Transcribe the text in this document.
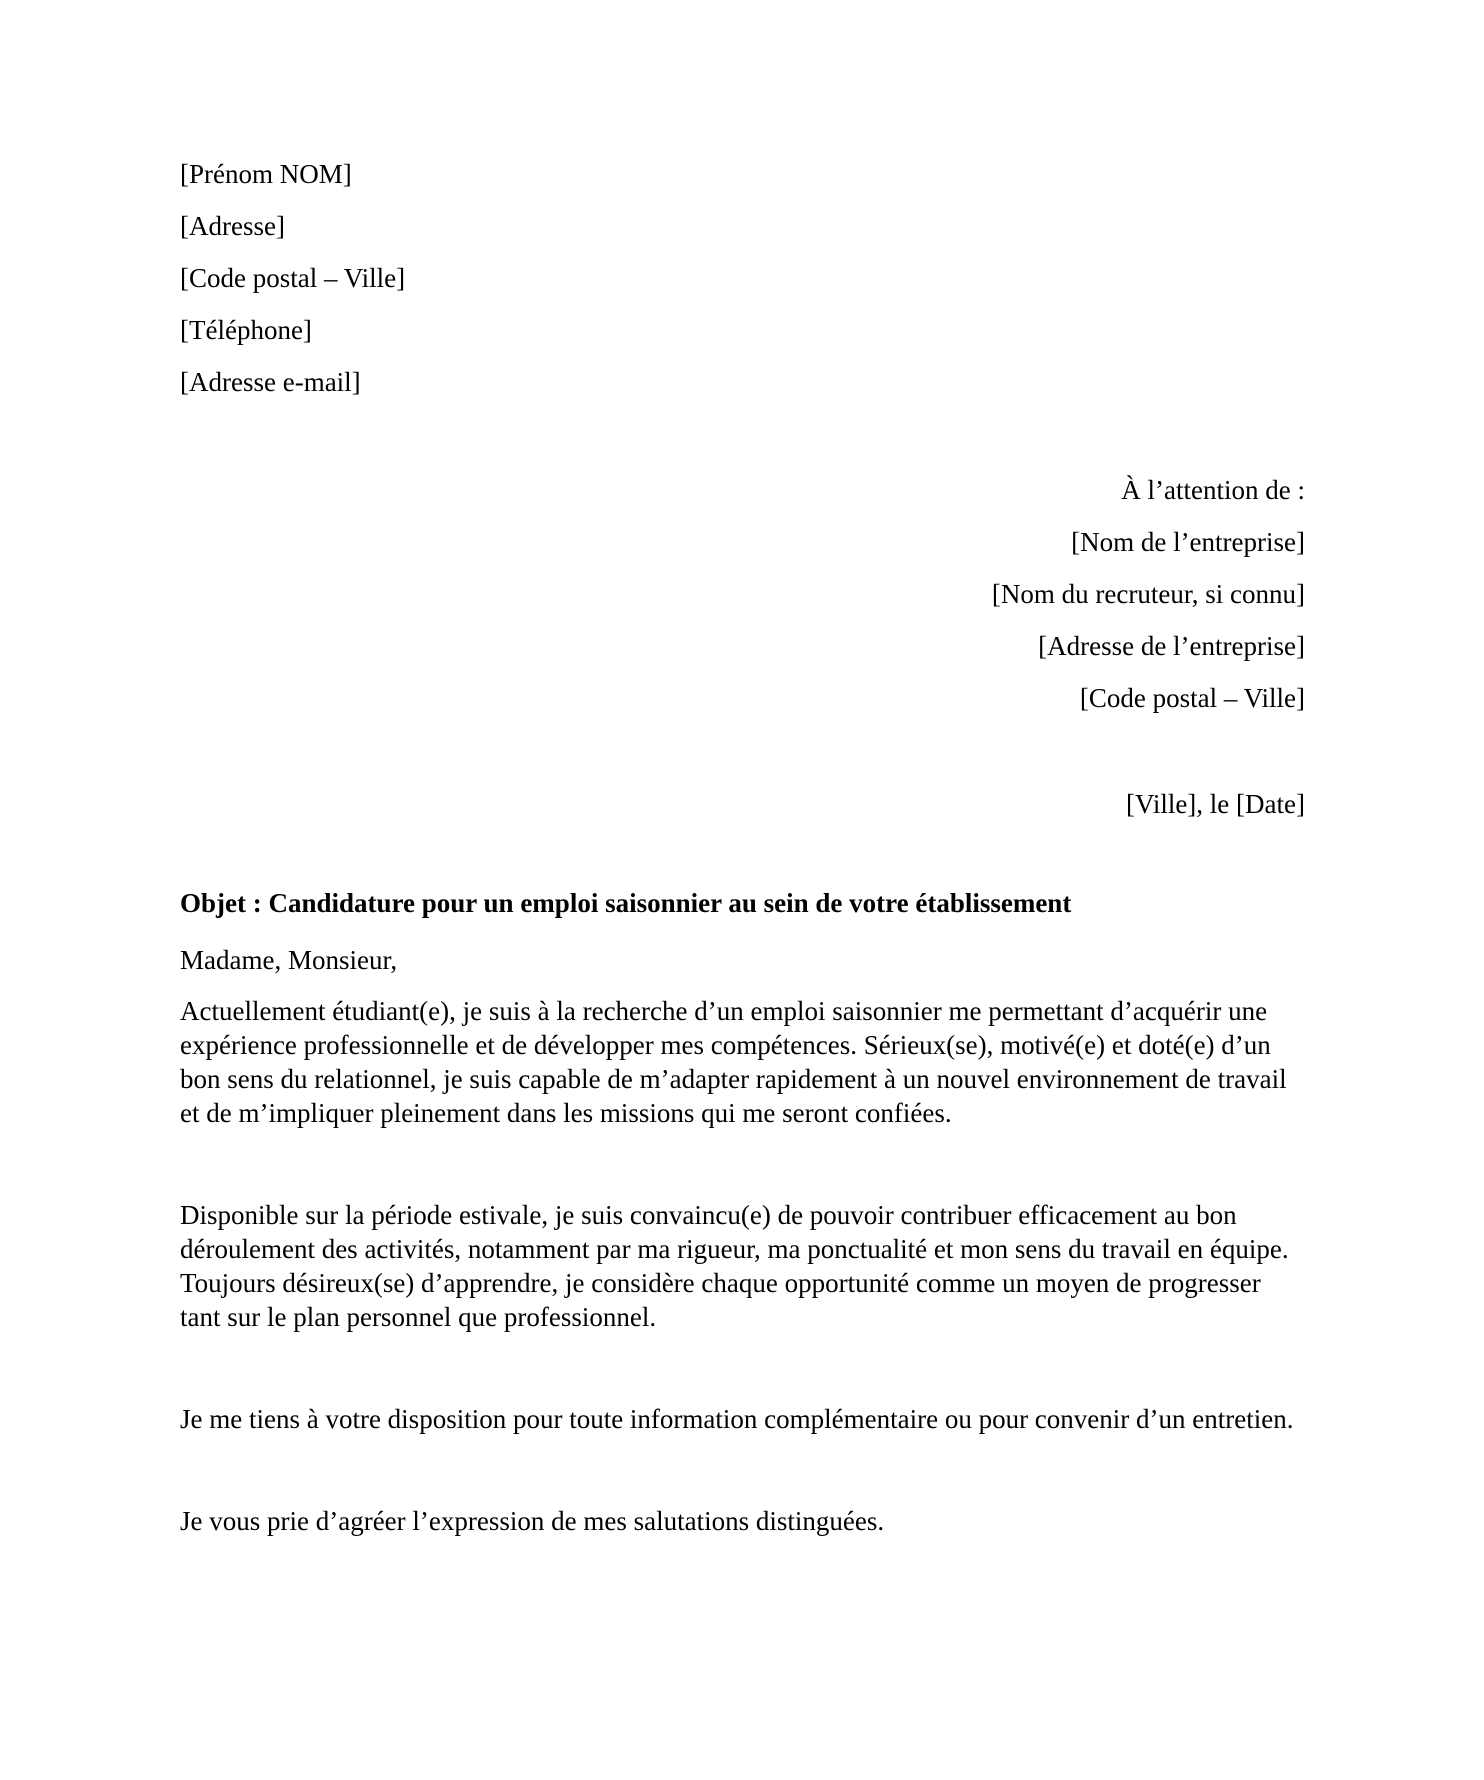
[Prénom NOM]
[Adresse]
[Code postal – Ville]
[Téléphone]
[Adresse e-mail]
À l’attention de :
[Nom de l’entreprise]
[Nom du recruteur, si connu]
[Adresse de l’entreprise]
[Code postal – Ville]
[Ville], le [Date]

Objet : Candidature pour un emploi saisonnier au sein de votre établissement

Madame, Monsieur,

Actuellement étudiant(e), je suis à la recherche d’un emploi saisonnier me permettant d’acquérir une expérience professionnelle et de développer mes compétences. Sérieux(se), motivé(e) et doté(e) d’un bon sens du relationnel, je suis capable de m’adapter rapidement à un nouvel environnement de travail et de m’impliquer pleinement dans les missions qui me seront confiées.

Disponible sur la période estivale, je suis convaincu(e) de pouvoir contribuer efficacement au bon déroulement des activités, notamment par ma rigueur, ma ponctualité et mon sens du travail en équipe. Toujours désireux(se) d’apprendre, je considère chaque opportunité comme un moyen de progresser tant sur le plan personnel que professionnel.

Je me tiens à votre disposition pour toute information complémentaire ou pour convenir d’un entretien.

Je vous prie d’agréer l’expression de mes salutations distinguées.
